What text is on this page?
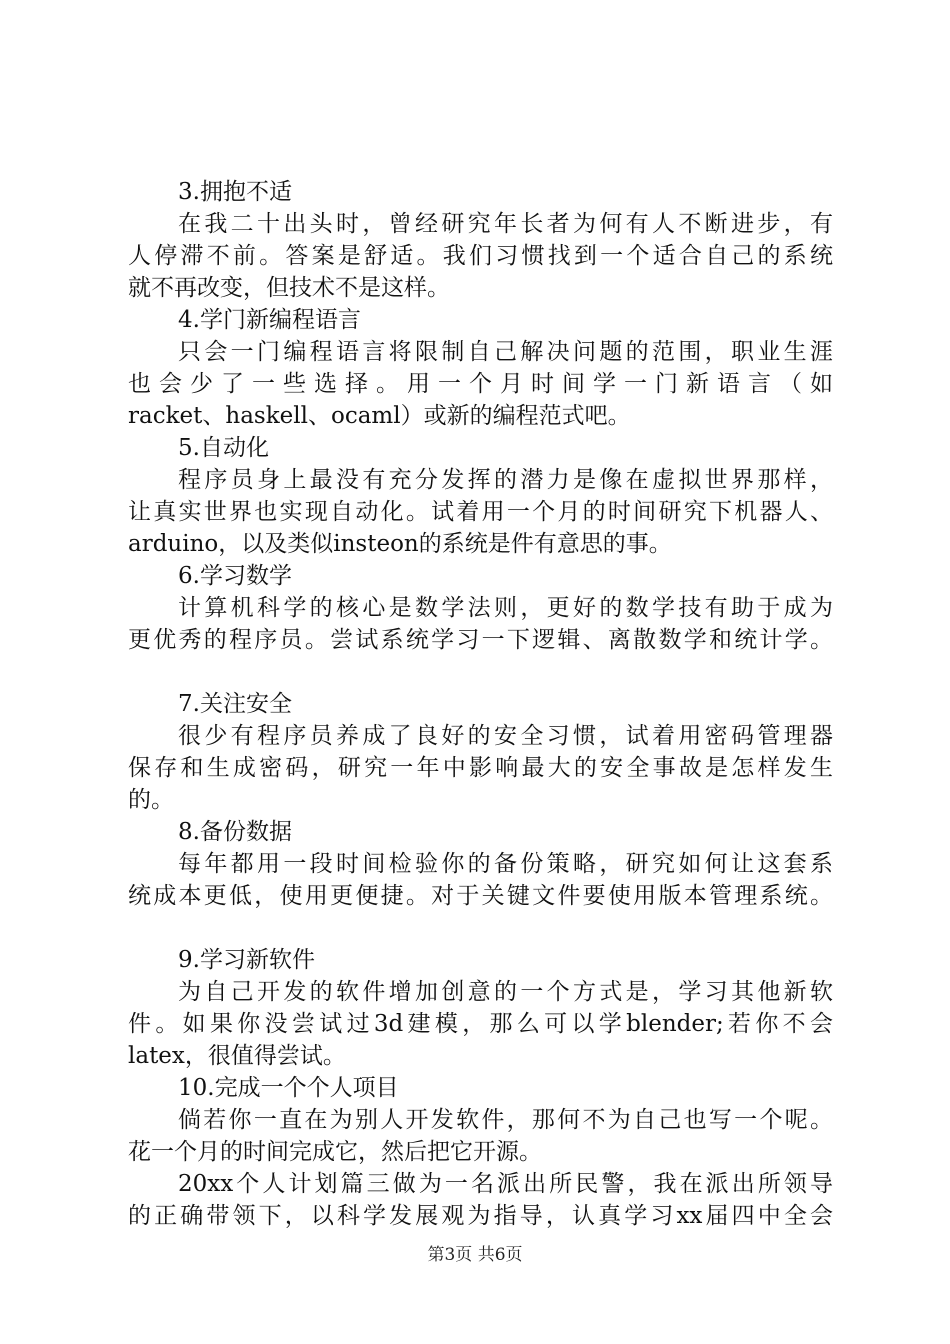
3.拥抱不适
在我二十出头时，曾经研究年长者为何有人不断进步，有
人停滞不前。答案是舒适。我们习惯找到一个适合自己的系统
就不再改变，但技术不是这样。
4.学门新编程语言
只会一门编程语言将限制自己解决问题的范围，职业生涯
也会少了一些选择。用一个月时间学一门新语言（如
racket、haskell、ocaml）或新的编程范式吧。
5.自动化
程序员身上最没有充分发挥的潜力是像在虚拟世界那样，
让真实世界也实现自动化。试着用一个月的时间研究下机器人、
arduino，以及类似insteon的系统是件有意思的事。
6.学习数学
计算机科学的核心是数学法则，更好的数学技有助于成为
更优秀的程序员。尝试系统学习一下逻辑、离散数学和统计学。
7.关注安全
很少有程序员养成了良好的安全习惯，试着用密码管理器
保存和生成密码，研究一年中影响最大的安全事故是怎样发生
的。
8.备份数据
每年都用一段时间检验你的备份策略，研究如何让这套系
统成本更低，使用更便捷。对于关键文件要使用版本管理系统。
9.学习新软件
为自己开发的软件增加创意的一个方式是，学习其他新软
件。如果你没尝试过3d建模，那么可以学blender;若你不会
latex，很值得尝试。
10.完成一个个人项目
倘若你一直在为别人开发软件，那何不为自己也写一个呢。
花一个月的时间完成它，然后把它开源。
20xx个人计划篇三做为一名派出所民警，我在派出所领导
的正确带领下，以科学发展观为指导，认真学习xx届四中全会
第3页 共6页
